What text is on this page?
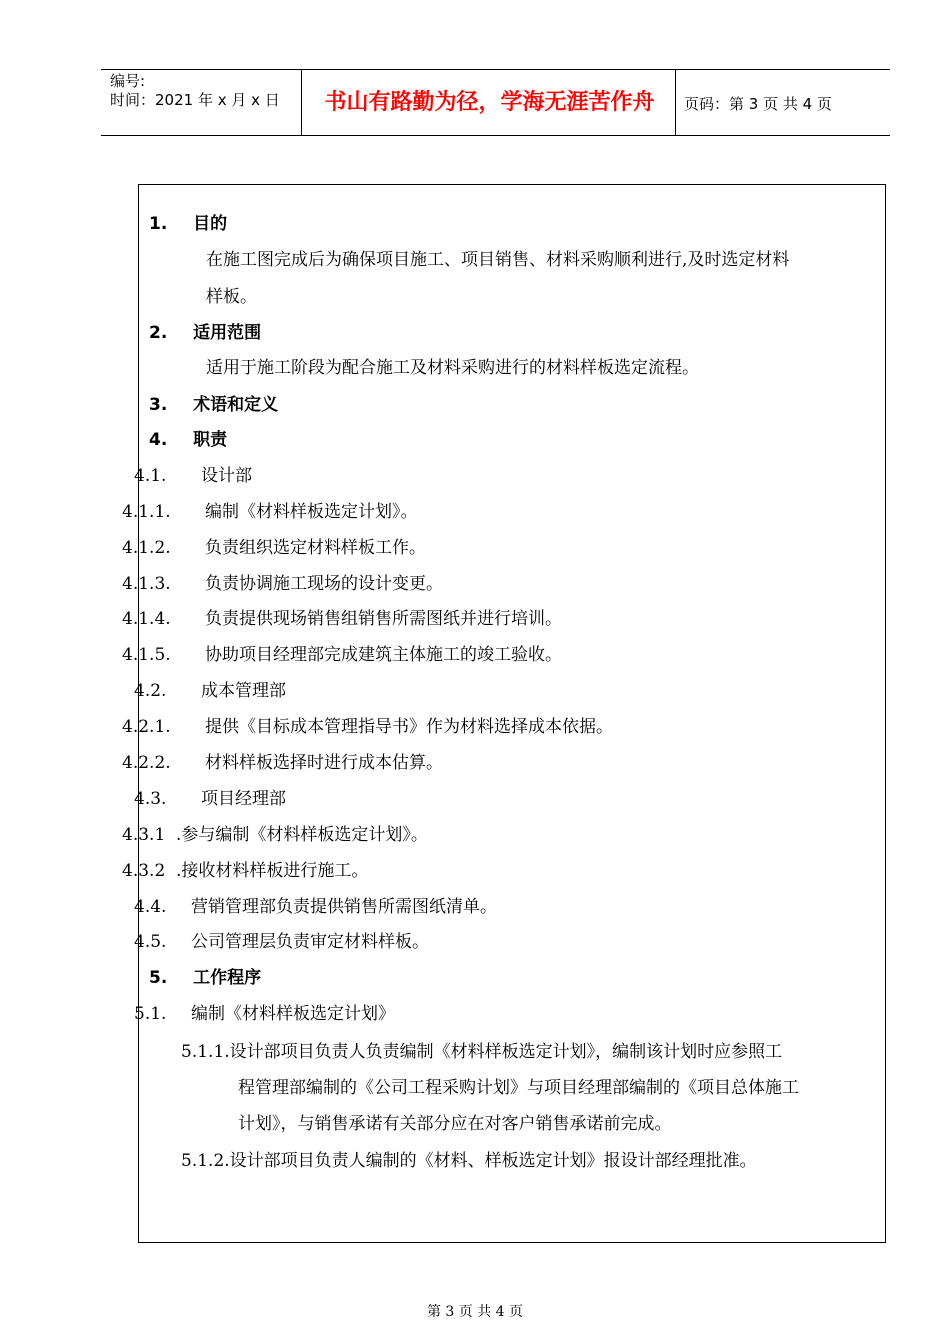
编号:
时间：2021 年 x 月 x 日	书山有路勤为径，学海无涯苦作舟	页码：第 3 页 共 4 页
1. 目的
在施工图完成后为确保项目施工、项目销售、材料采购顺利进行,及时选定材料
样板。
2. 适用范围
适用于施工阶段为配合施工及材料采购进行的材料样板选定流程。
3. 术语和定义
4. 职责
4.1. 设计部
4.1.1. 编制《材料样板选定计划》。
4.1.2. 负责组织选定材料样板工作。
4.1.3. 负责协调施工现场的设计变更。
4.1.4. 负责提供现场销售组销售所需图纸并进行培训。
4.1.5. 协助项目经理部完成建筑主体施工的竣工验收。
4.2. 成本管理部
4.2.1. 提供《目标成本管理指导书》作为材料选择成本依据。
4.2.2. 材料样板选择时进行成本估算。
4.3. 项目经理部
4.3.1 .参与编制《材料样板选定计划》。
4.3.2 .接收材料样板进行施工。
4.4. 营销管理部负责提供销售所需图纸清单。
4.5. 公司管理层负责审定材料样板。
5. 工作程序
5.1. 编制《材料样板选定计划》
5.1.1.设计部项目负责人负责编制《材料样板选定计划》，编制该计划时应参照工
程管理部编制的《公司工程采购计划》与项目经理部编制的《项目总体施工
计划》，与销售承诺有关部分应在对客户销售承诺前完成。
5.1.2.设计部项目负责人编制的《材料、样板选定计划》报设计部经理批准。
第 3 页 共 4 页
